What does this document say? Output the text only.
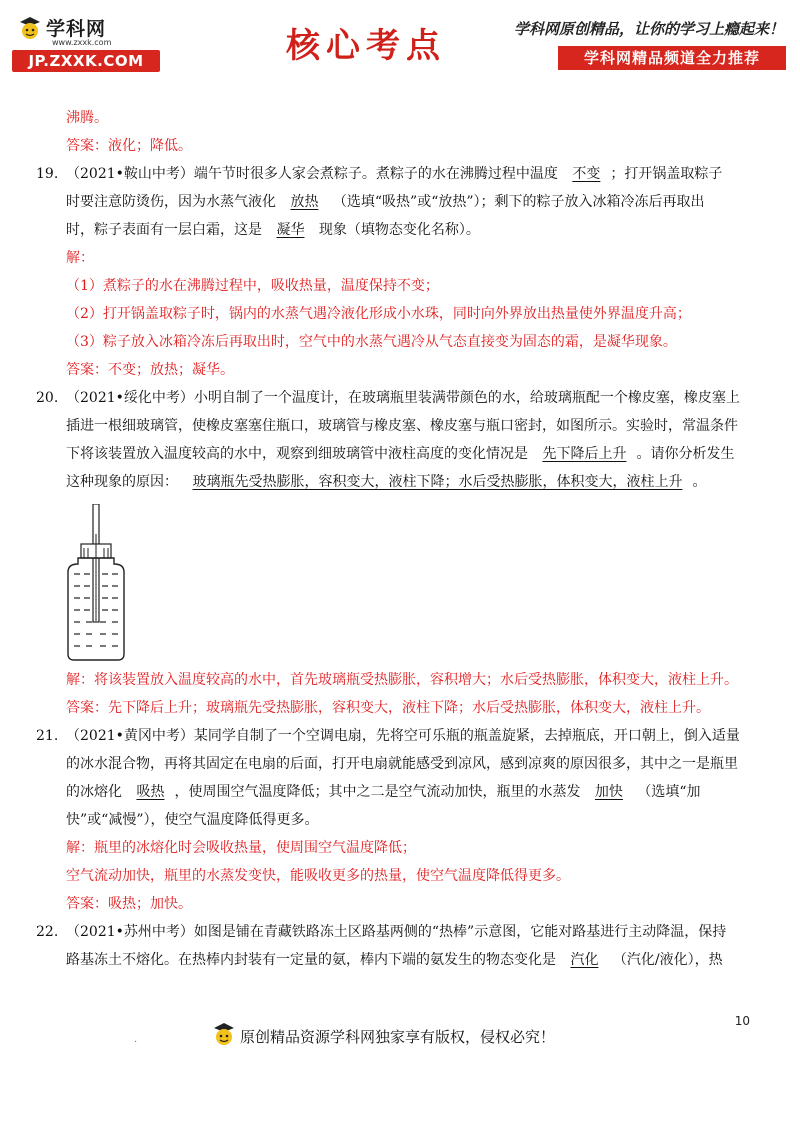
学科网
www.zxxk.com
JP.ZXXK.COM	核心考点	学科网原创精品，让你的学习上瘾起来！
学科网精品频道全力推荐
沸腾。
答案：液化；降低。
19. （2021•鞍山中考）端午节时很多人家会煮粽子。煮粽子的水在沸腾过程中温度 不变 ；打开锅盖取粽子
时要注意防烫伤，因为水蒸气液化 放热 （选填“吸热”或“放热”）；剩下的粽子放入冰箱冷冻后再取出
时，粽子表面有一层白霜，这是 凝华 现象（填物态变化名称）。
解：
（1）煮粽子的水在沸腾过程中，吸收热量，温度保持不变；
（2）打开锅盖取粽子时，锅内的水蒸气遇冷液化形成小水珠，同时向外界放出热量使外界温度升高；
（3）粽子放入冰箱冷冻后再取出时，空气中的水蒸气遇冷从气态直接变为固态的霜，是凝华现象。
答案：不变；放热；凝华。
20. （2021•绥化中考）小明自制了一个温度计，在玻璃瓶里装满带颜色的水，给玻璃瓶配一个橡皮塞，橡皮塞上
插进一根细玻璃管，使橡皮塞塞住瓶口，玻璃管与橡皮塞、橡皮塞与瓶口密封，如图所示。实验时，常温条件
下将该装置放入温度较高的水中，观察到细玻璃管中液柱高度的变化情况是 先下降后上升 。请你分析发生
这种现象的原因： 玻璃瓶先受热膨胀，容积变大，液柱下降；水后受热膨胀，体积变大，液柱上升 。
解：将该装置放入温度较高的水中，首先玻璃瓶受热膨胀，容积增大；水后受热膨胀，体积变大，液柱上升。
答案：先下降后上升；玻璃瓶先受热膨胀，容积变大，液柱下降；水后受热膨胀，体积变大，液柱上升。
21. （2021•黄冈中考）某同学自制了一个空调电扇，先将空可乐瓶的瓶盖旋紧，去掉瓶底，开口朝上，倒入适量
的冰水混合物，再将其固定在电扇的后面，打开电扇就能感受到凉风，感到凉爽的原因很多，其中之一是瓶里
的冰熔化 吸热 ，使周围空气温度降低；其中之二是空气流动加快，瓶里的水蒸发 加快 （选填“加
快”或“减慢”），使空气温度降低得更多。
解：瓶里的冰熔化时会吸收热量，使周围空气温度降低；
空气流动加快，瓶里的水蒸发变快，能吸收更多的热量，使空气温度降低得更多。
答案：吸热；加快。
22. （2021•苏州中考）如图是铺在青藏铁路冻土区路基两侧的“热棒”示意图，它能对路基进行主动降温，保持
路基冻土不熔化。在热棒内封装有一定量的氨，棒内下端的氨发生的物态变化是 汽化 （汽化/液化），热
10
.	原创精品资源学科网独家享有版权，侵权必究！
